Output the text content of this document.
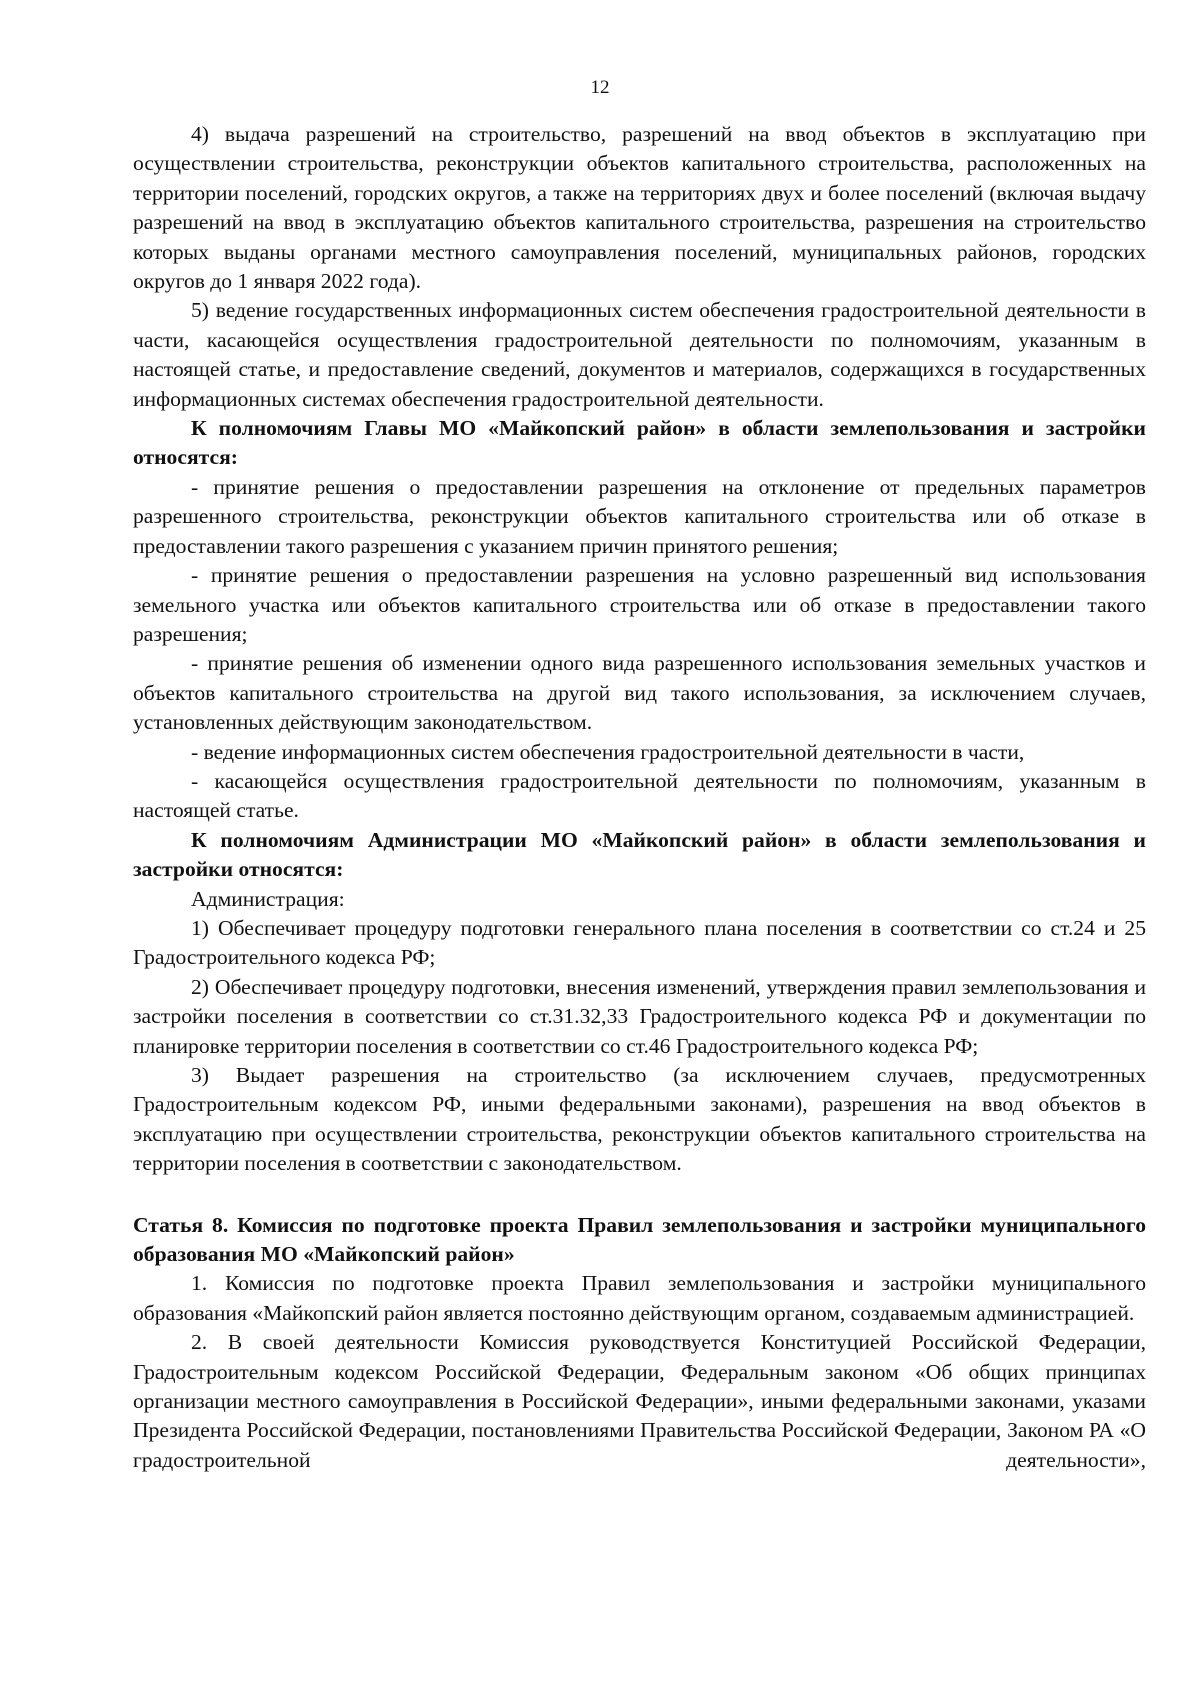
12

4) выдача разрешений на строительство, разрешений на ввод объектов в эксплуатацию при осуществлении строительства, реконструкции объектов капитального строительства, расположенных на территории поселений, городских округов, а также на территориях двух и более поселений (включая выдачу разрешений на ввод в эксплуатацию объектов капитального строительства, разрешения на строительство которых выданы органами местного самоуправления поселений, муниципальных районов, городских округов до 1 января 2022 года).

5) ведение государственных информационных систем обеспечения градостроительной деятельности в части, касающейся осуществления градостроительной деятельности по полномочиям, указанным в настоящей статье, и предоставление сведений, документов и материалов, содержащихся в государственных информационных системах обеспечения градостроительной деятельности.

К полномочиям Главы МО «Майкопский район» в области землепользования и застройки относятся:

- принятие решения о предоставлении разрешения на отклонение от предельных параметров разрешенного строительства, реконструкции объектов капитального строительства или об отказе в предоставлении такого разрешения с указанием причин принятого решения;

- принятие решения о предоставлении разрешения на условно разрешенный вид использования земельного участка или объектов капитального строительства или об отказе в предоставлении такого разрешения;

- принятие решения об изменении одного вида разрешенного использования земельных участков и объектов капитального строительства на другой вид такого использования, за исключением случаев, установленных действующим законодательством.

- ведение информационных систем обеспечения градостроительной деятельности в части,

- касающейся осуществления градостроительной деятельности по полномочиям, указанным в настоящей статье.

К полномочиям Администрации МО «Майкопский район» в области землепользования и застройки относятся:

Администрация:

1) Обеспечивает процедуру подготовки генерального плана поселения в соответствии со ст.24 и 25 Градостроительного кодекса РФ;

2) Обеспечивает процедуру подготовки, внесения изменений, утверждения правил землепользования и застройки поселения в соответствии со ст.31.32,33 Градостроительного кодекса РФ и документации по планировке территории поселения в соответствии со ст.46 Градостроительного кодекса РФ;

3) Выдает разрешения на строительство (за исключением случаев, предусмотренных Градостроительным кодексом РФ, иными федеральными законами), разрешения на ввод объектов в эксплуатацию при осуществлении строительства, реконструкции объектов капитального строительства на территории поселения в соответствии с законодательством.

Статья 8. Комиссия по подготовке проекта Правил землепользования и застройки муниципального образования МО «Майкопский район»

1. Комиссия по подготовке проекта Правил землепользования и застройки муниципального образования «Майкопский район является постоянно действующим органом, создаваемым администрацией.

2. В своей деятельности Комиссия руководствуется Конституцией Российской Федерации, Градостроительным кодексом Российской Федерации, Федеральным законом «Об общих принципах организации местного самоуправления в Российской Федерации», иными федеральными законами, указами Президента Российской Федерации, постановлениями Правительства Российской Федерации, Законом РА «О градостроительной деятельности»,
